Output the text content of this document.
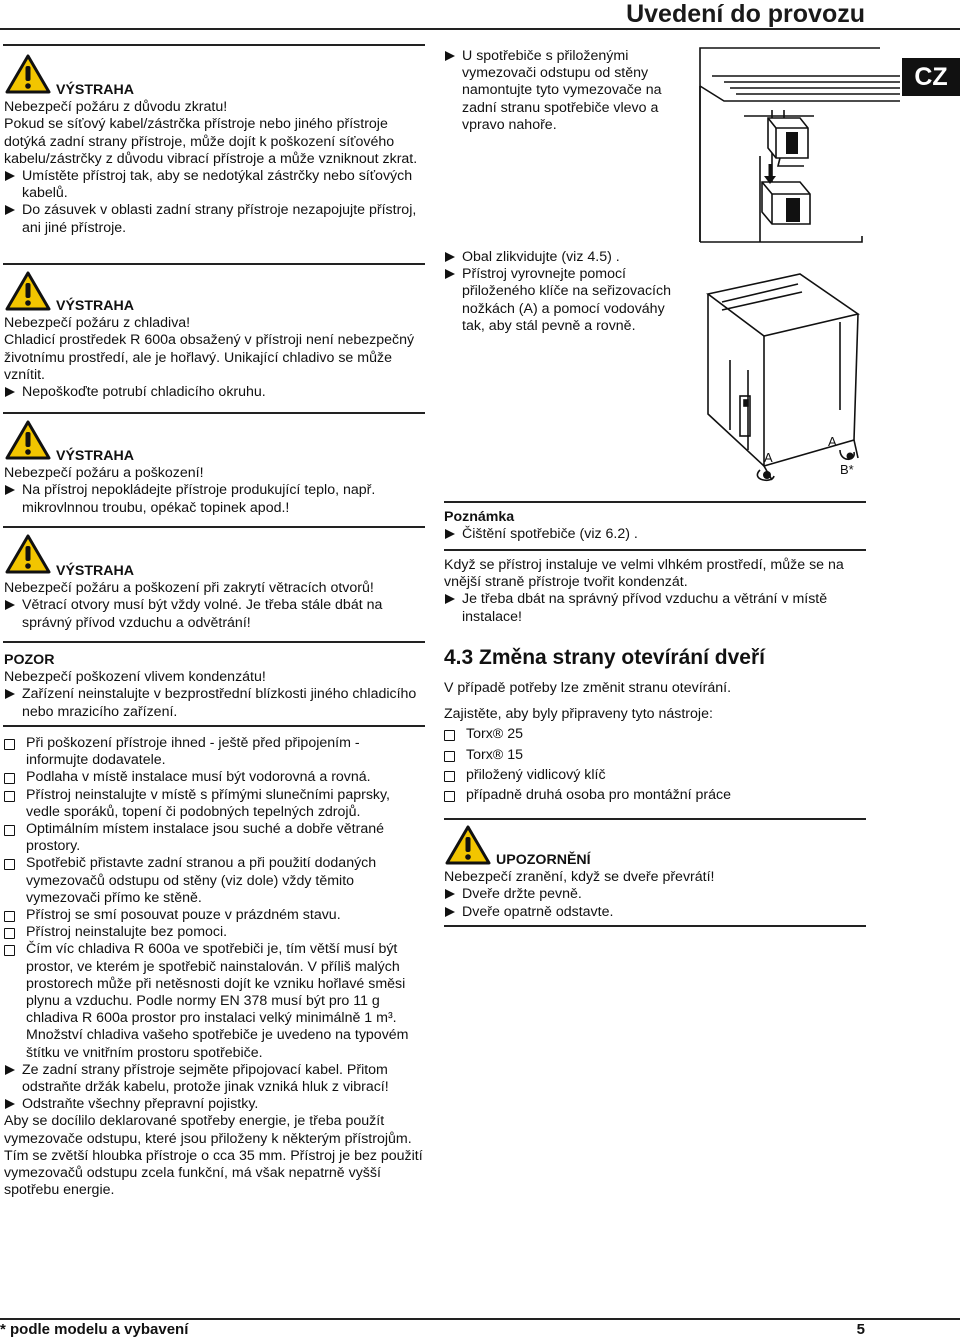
Uvedení do provozu
CZ
VÝSTRAHA
Nebezpečí požáru z důvodu zkratu!
Pokud se síťový kabel/zástrčka přístroje nebo jiného přístroje dotýká zadní strany přístroje, může dojít k poškození síťového kabelu/zástrčky z důvodu vibrací přístroje a může vzniknout zkrat.
Umístěte přístroj tak, aby se nedotýkal zástrčky nebo síťových kabelů.
Do zásuvek v oblasti zadní strany přístroje nezapojujte přístroj, ani jiné přístroje.
VÝSTRAHA
Nebezpečí požáru z chladiva!
Chladicí prostředek R 600a obsažený v přístroji není nebezpečný životnímu prostředí, ale je hořlavý. Unikající chladivo se může vznítit.
Nepoškoďte potrubí chladicího okruhu.
VÝSTRAHA
Nebezpečí požáru a poškození!
Na přístroj nepokládejte přístroje produkující teplo, např. mikrovlnnou troubu, opékač topinek apod.!
VÝSTRAHA
Nebezpečí požáru a poškození při zakrytí větracích otvorů!
Větrací otvory musí být vždy volné. Je třeba stále dbát na správný přívod vzduchu a odvětrání!
POZOR
Nebezpečí poškození vlivem kondenzátu!
Zařízení neinstalujte v bezprostřední blízkosti jiného chladicího nebo mrazicího zařízení.
Při poškození přístroje ihned - ještě před připojením - informujte dodavatele.
Podlaha v místě instalace musí být vodorovná a rovná.
Přístroj neinstalujte v místě s přímými slunečními paprsky, vedle sporáků, topení či podobných tepelných zdrojů.
Optimálním místem instalace jsou suché a dobře větrané prostory.
Spotřebič přistavte zadní stranou a při použití dodaných vymezovačů odstupu od stěny (viz dole) vždy těmito vymezovači přímo ke stěně.
Přístroj se smí posouvat pouze v prázdném stavu.
Přístroj neinstalujte bez pomoci.
Čím víc chladiva R 600a ve spotřebiči je, tím větší musí být prostor, ve kterém je spotřebič nainstalován. V příliš malých prostorech může při netěsnosti dojít ke vzniku hořlavé směsi plynu a vzduchu. Podle normy EN 378 musí být pro 11 g chladiva R 600a prostor pro instalaci velký minimálně 1 m³. Množství chladiva vašeho spotřebiče je uvedeno na typovém štítku ve vnitřním prostoru spotřebiče.
Ze zadní strany přístroje sejměte připojovací kabel. Přitom odstraňte držák kabelu, protože jinak vzniká hluk z vibrací!
Odstraňte všechny přepravní pojistky.
Aby se docílilo deklarované spotřeby energie, je třeba použít vymezovače odstupu, které jsou přiloženy k některým přístrojům. Tím se zvětší hloubka přístroje o cca 35 mm. Přístroj je bez použití vymezovačů odstupu zcela funkční, má však nepatrně vyšší spotřebu energie.
U spotřebiče s přiloženými vymezovači odstupu od stěny namontujte tyto vymezovače na zadní stranu spotřebiče vlevo a vpravo nahoře.
Obal zlikvidujte (viz 4.5) .
Přístroj vyrovnejte pomocí přiloženého klíče na seřizovacích nožkách (A) a pomocí vodováhy tak, aby stál pevně a rovně.
A
A
B*
Poznámka
Čištění spotřebiče (viz 6.2) .
Když se přístroj instaluje ve velmi vlhkém prostředí, může se na vnější straně přístroje tvořit kondenzát.
Je třeba dbát na správný přívod vzduchu a větrání v místě instalace!
4.3 Změna strany otevírání dveří
V případě potřeby lze změnit stranu otevírání.
Zajistěte, aby byly připraveny tyto nástroje:
Torx® 25
Torx® 15
přiložený vidlicový klíč
případně druhá osoba pro montážní práce
UPOZORNĚNÍ
Nebezpečí zranění, když se dveře převrátí!
Dveře držte pevně.
Dveře opatrně odstavte.
* podle modelu a vybavení	5
